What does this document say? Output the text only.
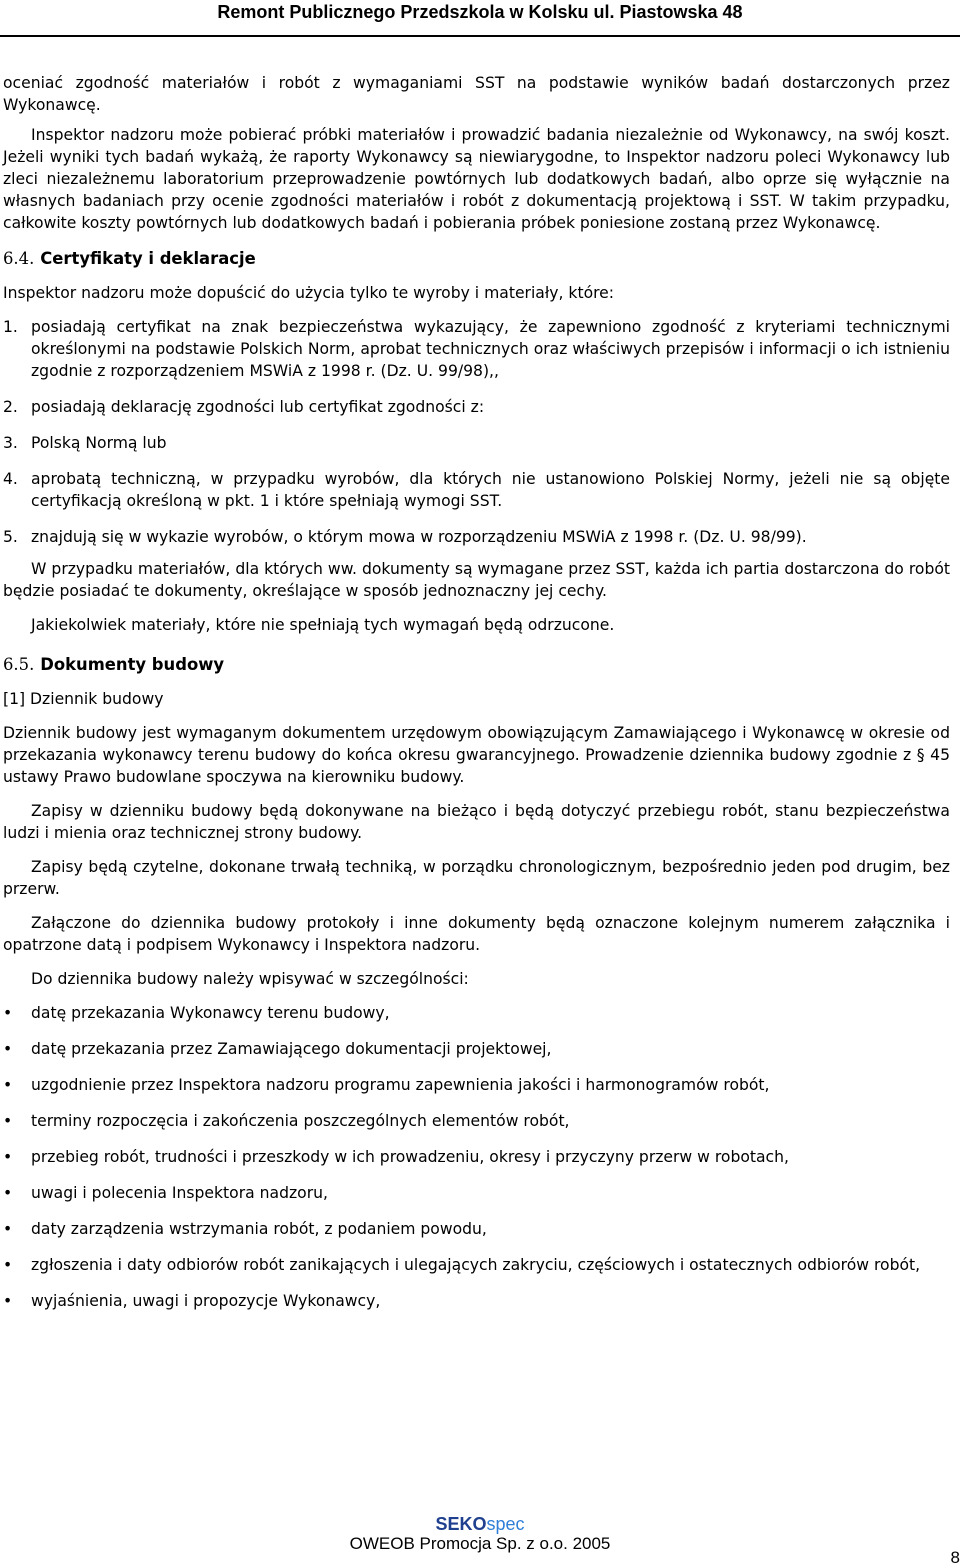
Remont Publicznego Przedszkola w Kolsku ul. Piastowska 48

oceniać zgodność materiałów i robót z wymaganiami SST na podstawie wyników badań dostarczonych przez Wykonawcę.

Inspektor nadzoru może pobierać próbki materiałów i prowadzić badania niezależnie od Wykonawcy, na swój koszt. Jeżeli wyniki tych badań wykażą, że raporty Wykonawcy są niewiarygodne, to Inspektor nadzoru poleci Wykonawcy lub zleci niezależnemu laboratorium przeprowadzenie powtórnych lub dodatkowych badań, albo oprze się wyłącznie na własnych badaniach przy ocenie zgodności materiałów i robót z dokumentacją projektową i SST. W takim przypadku, całkowite koszty powtórnych lub dodatkowych badań i pobierania próbek poniesione zostaną przez Wykonawcę.

6.4. Certyfikaty i deklaracje

Inspektor nadzoru może dopuścić do użycia tylko te wyroby i materiały, które:

1. posiadają certyfikat na znak bezpieczeństwa wykazujący, że zapewniono zgodność z kryteriami technicznymi określonymi na podstawie Polskich Norm, aprobat technicznych oraz właściwych przepisów i informacji o ich istnieniu zgodnie z rozporządzeniem MSWiA z 1998 r. (Dz. U. 99/98),,
2. posiadają deklarację zgodności lub certyfikat zgodności z:
3. Polską Normą lub
4. aprobatą techniczną, w przypadku wyrobów, dla których nie ustanowiono Polskiej Normy, jeżeli nie są objęte certyfikacją określoną w pkt. 1 i które spełniają wymogi SST.
5. znajdują się w wykazie wyrobów, o którym mowa w rozporządzeniu MSWiA z 1998 r. (Dz. U. 98/99).

W przypadku materiałów, dla których ww. dokumenty są wymagane przez SST, każda ich partia dostarczona do robót będzie posiadać te dokumenty, określające w sposób jednoznaczny jej cechy.

Jakiekolwiek materiały, które nie spełniają tych wymagań będą odrzucone.

6.5. Dokumenty budowy

[1] Dziennik budowy

Dziennik budowy jest wymaganym dokumentem urzędowym obowiązującym Zamawiającego i Wykonawcę w okresie od przekazania wykonawcy terenu budowy do końca okresu gwarancyjnego. Prowadzenie dziennika budowy zgodnie z § 45 ustawy Prawo budowlane spoczywa na kierowniku budowy.

Zapisy w dzienniku budowy będą dokonywane na bieżąco i będą dotyczyć przebiegu robót, stanu bezpieczeństwa ludzi i mienia oraz technicznej strony budowy.

Zapisy będą czytelne, dokonane trwałą techniką, w porządku chronologicznym, bezpośrednio jeden pod drugim, bez przerw.

Załączone do dziennika budowy protokoły i inne dokumenty będą oznaczone kolejnym numerem załącznika i opatrzone datą i podpisem Wykonawcy i Inspektora nadzoru.

Do dziennika budowy należy wpisywać w szczególności:

• datę przekazania Wykonawcy terenu budowy,
• datę przekazania przez Zamawiającego dokumentacji projektowej,
• uzgodnienie przez Inspektora nadzoru programu zapewnienia jakości i harmonogramów robót,
• terminy rozpoczęcia i zakończenia poszczególnych elementów robót,
• przebieg robót, trudności i przeszkody w ich prowadzeniu, okresy i przyczyny przerw w robotach,
• uwagi i polecenia Inspektora nadzoru,
• daty zarządzenia wstrzymania robót, z podaniem powodu,
• zgłoszenia i daty odbiorów robót zanikających i ulegających zakryciu, częściowych i ostatecznych odbiorów robót,
• wyjaśnienia, uwagi i propozycje Wykonawcy,
SEKOspec
OWEOB Promocja Sp. z o.o. 2005
8
